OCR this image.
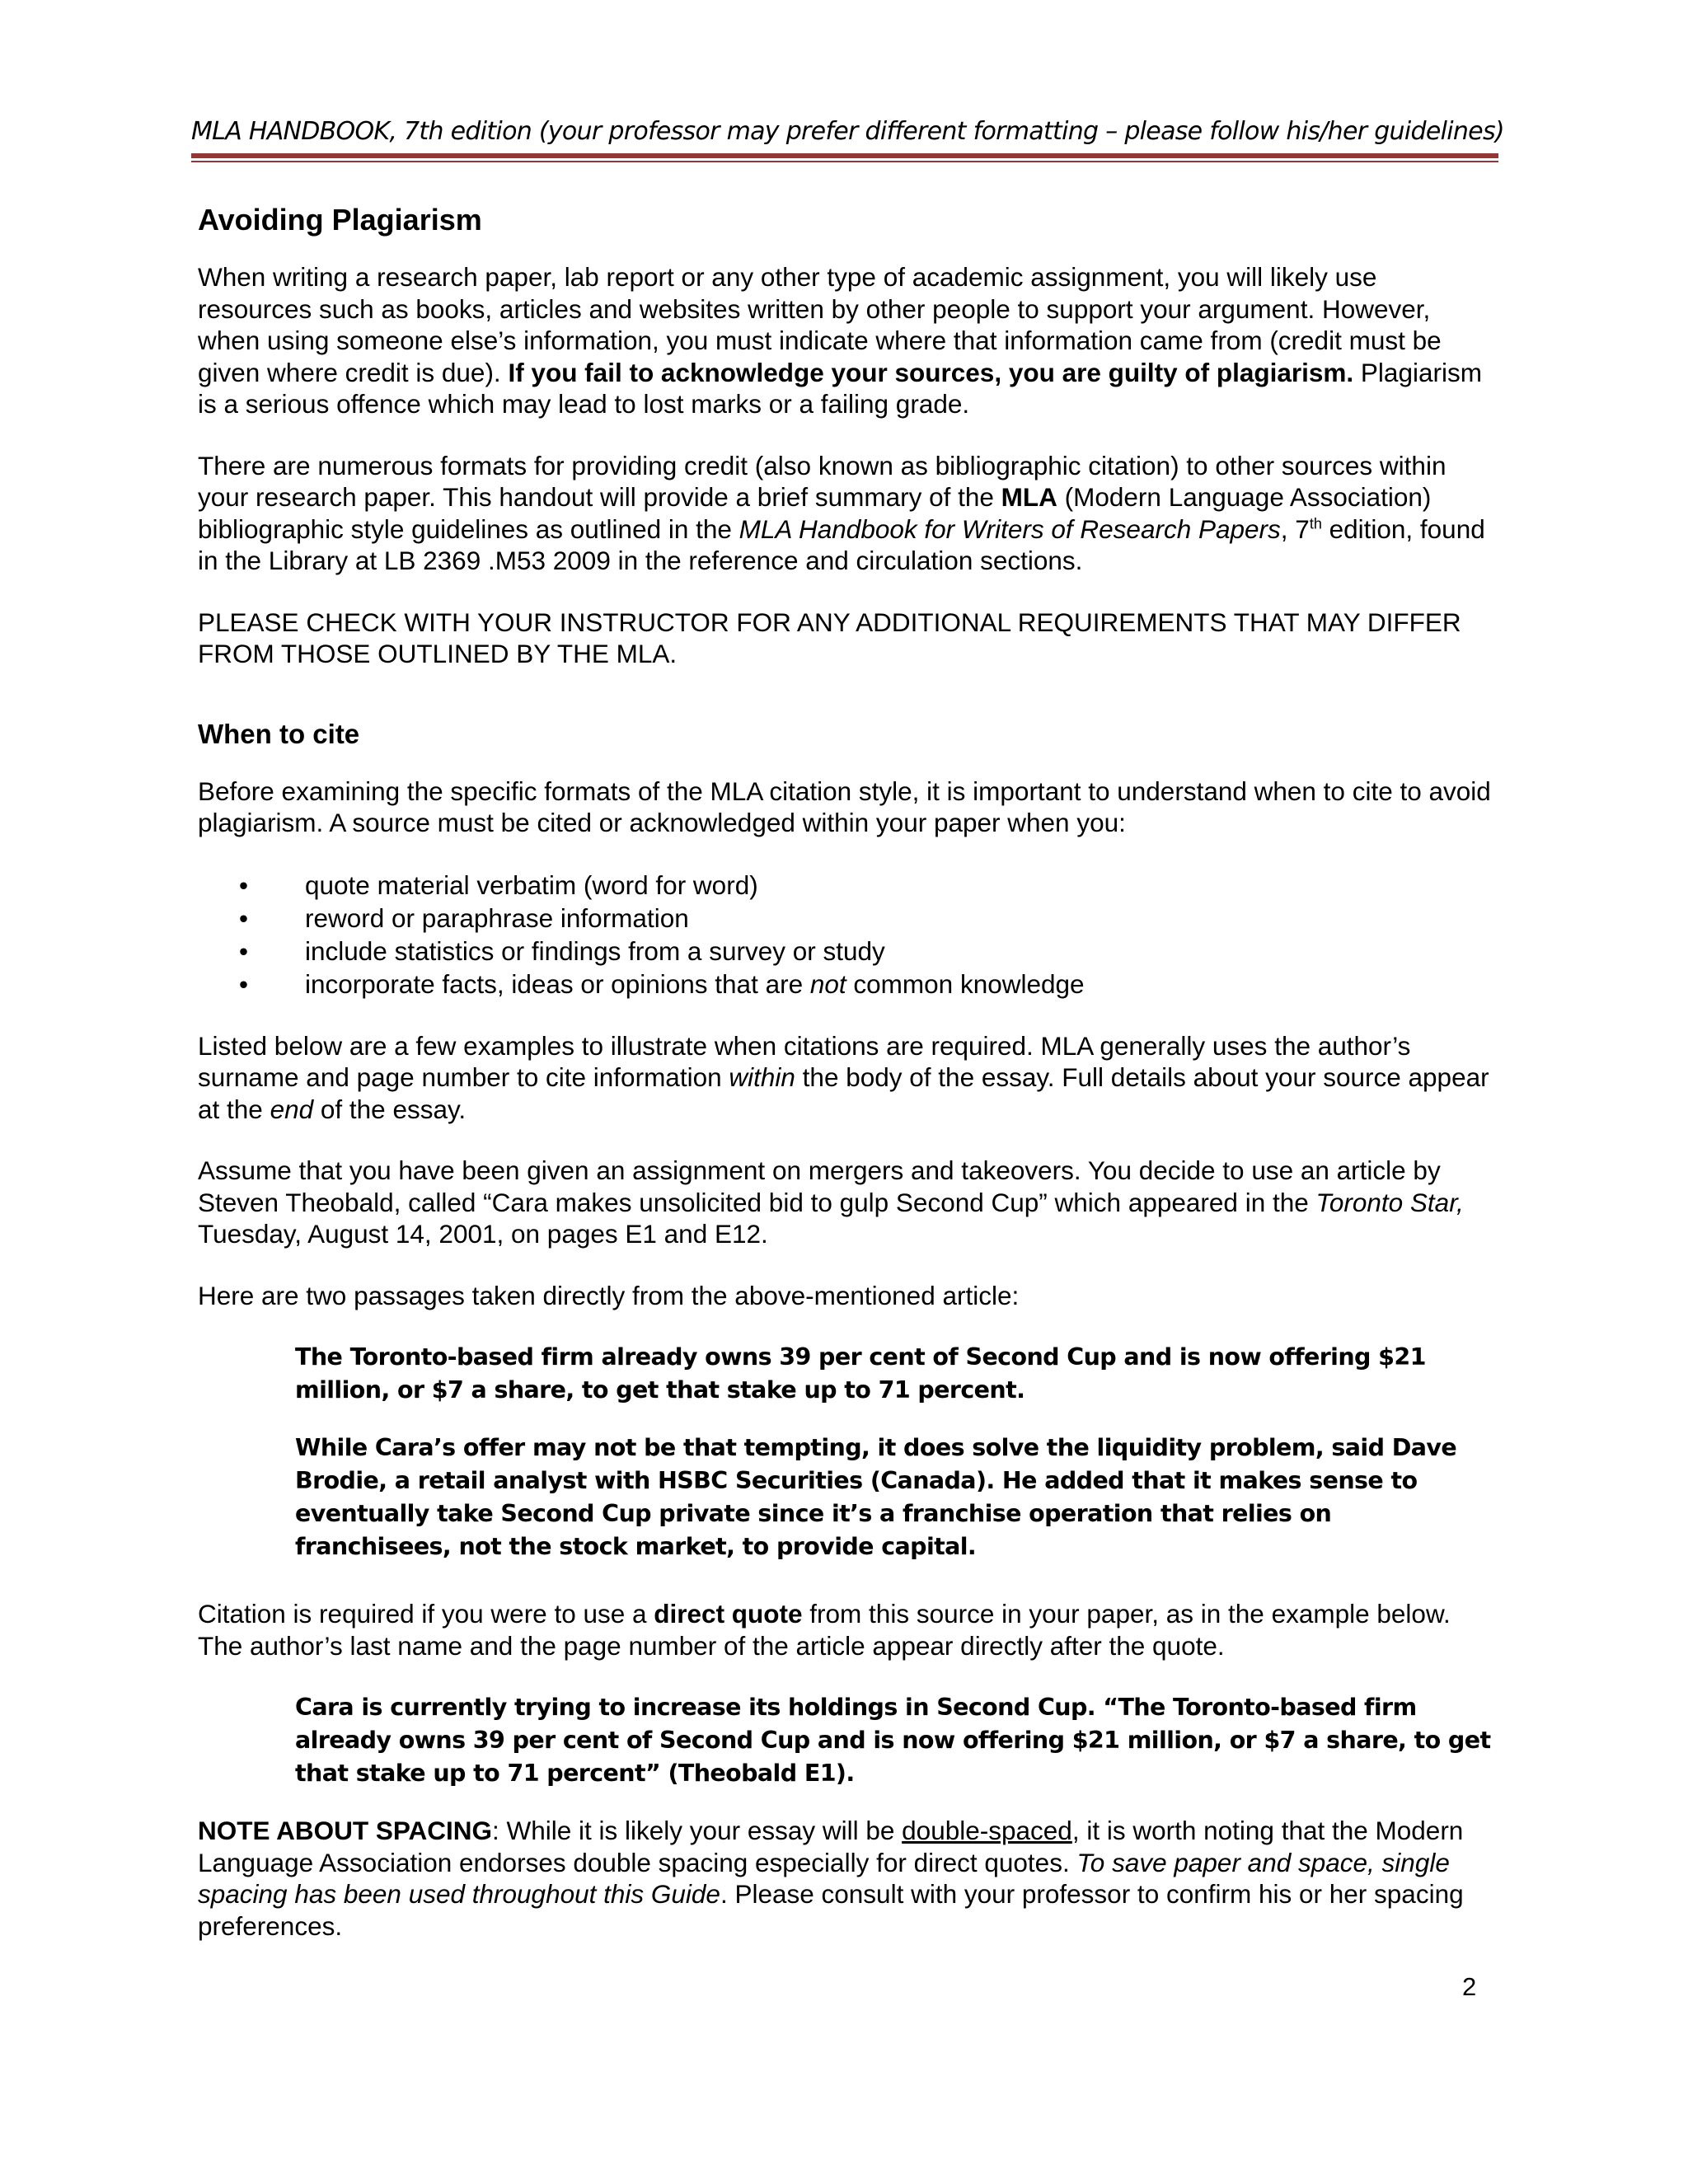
MLA HANDBOOK, 7th edition (your professor may prefer different formatting – please follow his/her guidelines)
Avoiding Plagiarism

When writing a research paper, lab report or any other type of academic assignment, you will likely use resources such as books, articles and websites written by other people to support your argument. However, when using someone else’s information, you must indicate where that information came from (credit must be given where credit is due). If you fail to acknowledge your sources, you are guilty of plagiarism. Plagiarism is a serious offence which may lead to lost marks or a failing grade.

There are numerous formats for providing credit (also known as bibliographic citation) to other sources within your research paper. This handout will provide a brief summary of the MLA (Modern Language Association) bibliographic style guidelines as outlined in the MLA Handbook for Writers of Research Papers, 7th edition, found in the Library at LB 2369 .M53 2009 in the reference and circulation sections.

PLEASE CHECK WITH YOUR INSTRUCTOR FOR ANY ADDITIONAL REQUIREMENTS THAT MAY DIFFER FROM THOSE OUTLINED BY THE MLA.

When to cite

Before examining the specific formats of the MLA citation style, it is important to understand when to cite to avoid plagiarism. A source must be cited or acknowledged within your paper when you:

• quote material verbatim (word for word)
• reword or paraphrase information
• include statistics or findings from a survey or study
• incorporate facts, ideas or opinions that are not common knowledge

Listed below are a few examples to illustrate when citations are required. MLA generally uses the author’s surname and page number to cite information within the body of the essay. Full details about your source appear at the end of the essay.

Assume that you have been given an assignment on mergers and takeovers. You decide to use an article by Steven Theobald, called “Cara makes unsolicited bid to gulp Second Cup” which appeared in the Toronto Star, Tuesday, August 14, 2001, on pages E1 and E12.

Here are two passages taken directly from the above-mentioned article:

The Toronto-based firm already owns 39 per cent of Second Cup and is now offering $21 million, or $7 a share, to get that stake up to 71 percent.
While Cara’s offer may not be that tempting, it does solve the liquidity problem, said Dave Brodie, a retail analyst with HSBC Securities (Canada). He added that it makes sense to eventually take Second Cup private since it’s a franchise operation that relies on franchisees, not the stock market, to provide capital.

Citation is required if you were to use a direct quote from this source in your paper, as in the example below. The author’s last name and the page number of the article appear directly after the quote.

Cara is currently trying to increase its holdings in Second Cup. “The Toronto-based firm already owns 39 per cent of Second Cup and is now offering $21 million, or $7 a share, to get that stake up to 71 percent” (Theobald E1).

NOTE ABOUT SPACING: While it is likely your essay will be double-spaced, it is worth noting that the Modern Language Association endorses double spacing especially for direct quotes. To save paper and space, single spacing has been used throughout this Guide. Please consult with your professor to confirm his or her spacing preferences.

2
